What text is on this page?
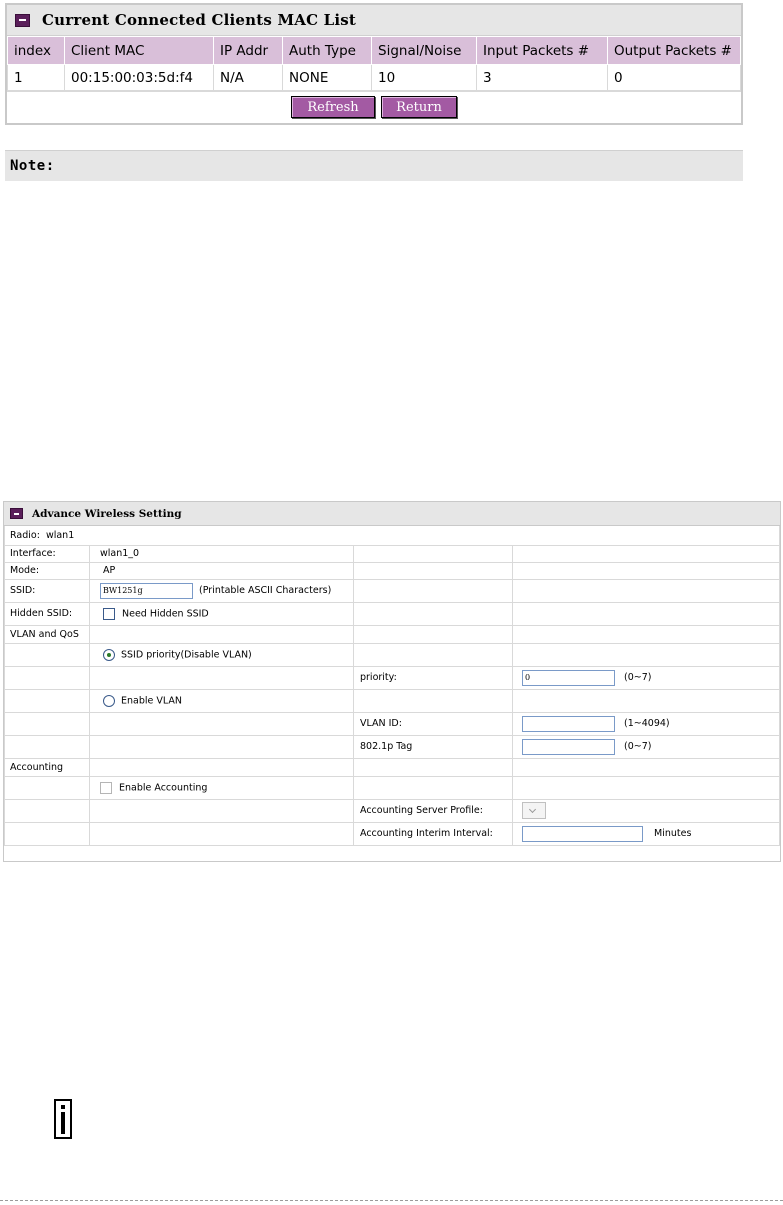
Current Connected Clients MAC List
index	Client MAC	IP Addr	Auth Type	Signal/Noise	Input Packets #	Output Packets #
1	00:15:00:03:5d:f4	N/A	NONE	10	3	0
Refresh	Return
Note:
Advance Wireless Setting
Radio: wlan1			
Interface:	wlan1_0		
Mode:	AP		
SSID:	BW1251g(Printable ASCII Characters)		
Hidden SSID:	Need Hidden SSID		
VLAN and QoS			
	SSID priority(Disable VLAN)		
		priority:	0(0~7)
	Enable VLAN		
		VLAN ID:	(1~4094)
		802.1p Tag	(0~7)
Accounting			
	Enable Accounting		
		Accounting Server Profile:	
		Accounting Interim Interval:	Minutes
